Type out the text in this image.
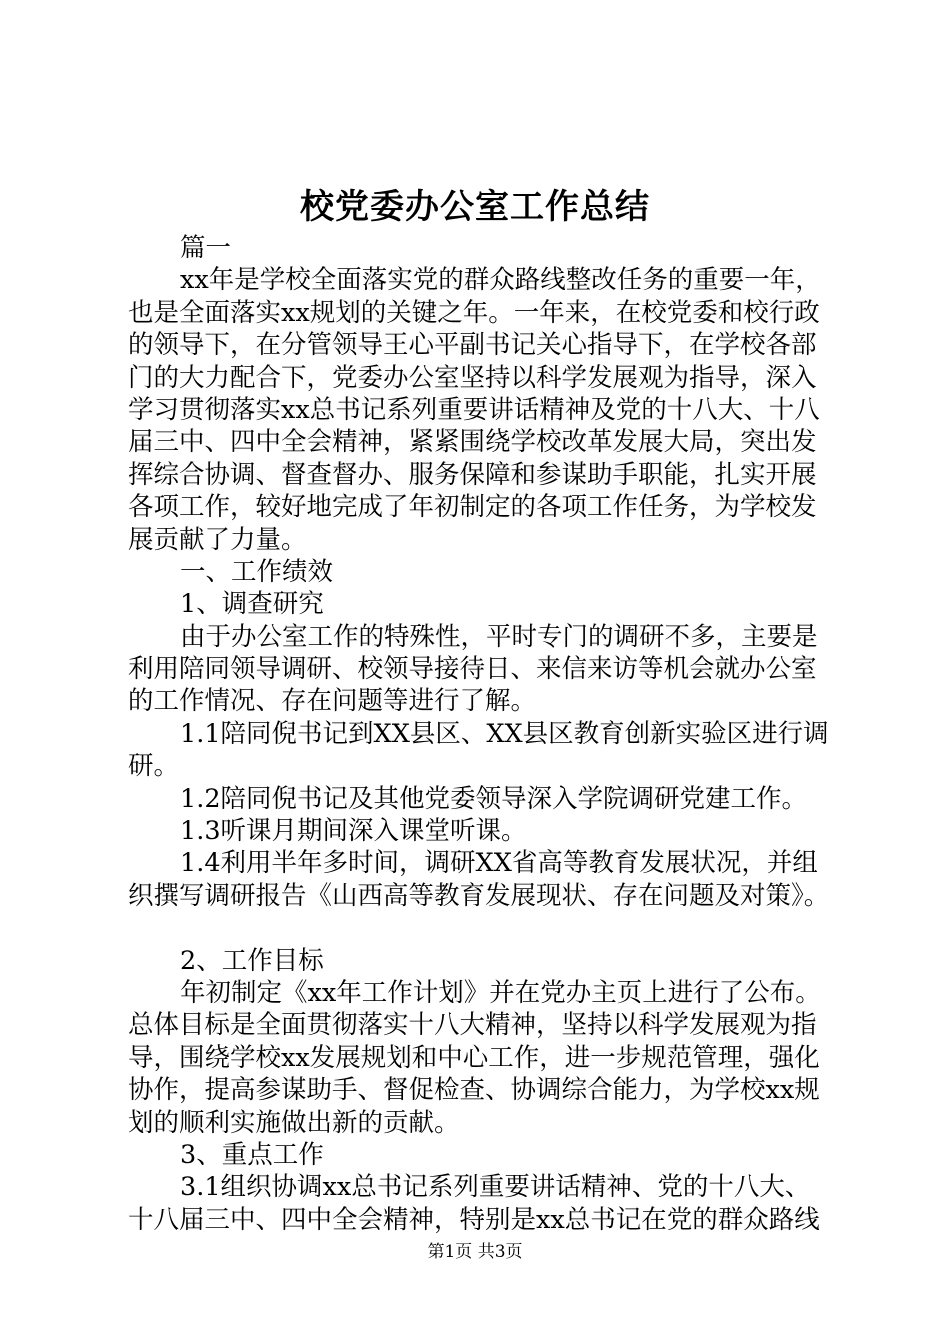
校党委办公室工作总结
篇一
xx年是学校全面落实党的群众路线整改任务的重要一年，
也是全面落实xx规划的关键之年。一年来，在校党委和校行政
的领导下，在分管领导王心平副书记关心指导下，在学校各部
门的大力配合下，党委办公室坚持以科学发展观为指导，深入
学习贯彻落实xx总书记系列重要讲话精神及党的十八大、十八
届三中、四中全会精神，紧紧围绕学校改革发展大局，突出发
挥综合协调、督查督办、服务保障和参谋助手职能，扎实开展
各项工作，较好地完成了年初制定的各项工作任务，为学校发
展贡献了力量。
一、工作绩效
1、调查研究
由于办公室工作的特殊性，平时专门的调研不多，主要是
利用陪同领导调研、校领导接待日、来信来访等机会就办公室
的工作情况、存在问题等进行了解。
1.1陪同倪书记到XX县区、XX县区教育创新实验区进行调
研。
1.2陪同倪书记及其他党委领导深入学院调研党建工作。
1.3听课月期间深入课堂听课。
1.4利用半年多时间，调研XX省高等教育发展状况，并组
织撰写调研报告《山西高等教育发展现状、存在问题及对策》。
2、工作目标
年初制定《xx年工作计划》并在党办主页上进行了公布。
总体目标是全面贯彻落实十八大精神，坚持以科学发展观为指
导，围绕学校xx发展规划和中心工作，进一步规范管理，强化
协作，提高参谋助手、督促检查、协调综合能力，为学校xx规
划的顺利实施做出新的贡献。
3、重点工作
3.1组织协调xx总书记系列重要讲话精神、党的十八大、
十八届三中、四中全会精神，特别是xx总书记在党的群众路线
第1页 共3页
